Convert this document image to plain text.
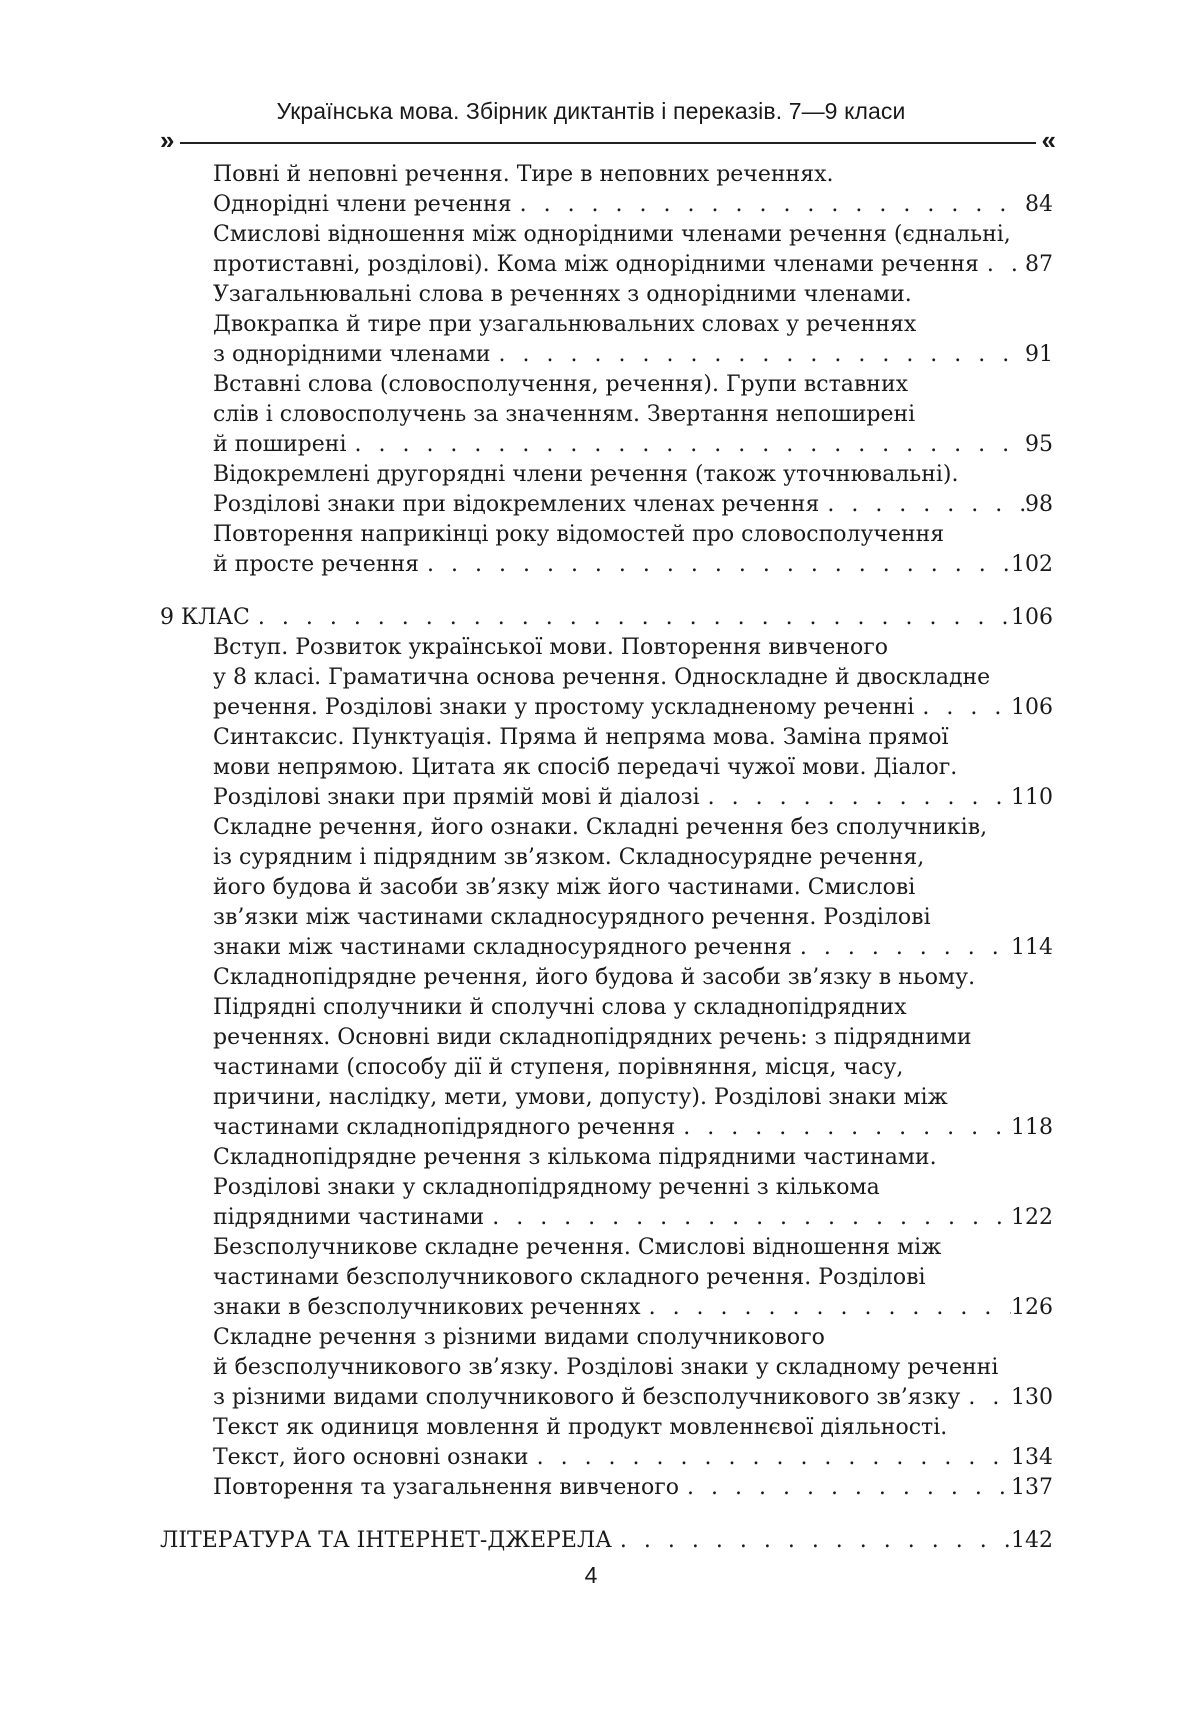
Українська мова. Збірник диктантів і переказів. 7—9 класи
»	«
Повні й неповні речення. Тире в неповних реченнях.
Однорідні члени речення . . .	84
Смислові відношення між однорідними членами речення (єднальні,
протиставні, розділові). Кома між однорідними членами речення . . . 87
Узагальнювальні слова в реченнях з однорідними членами.
Двокрапка й тире при узагальнювальних словах у реченнях
з однорідними членами . . .	91
Вставні слова (словосполучення, речення). Групи вставних
слів і словосполучень за значенням. Звертання непоширені
й поширені . . .	95
Відокремлені другорядні члени речення (також уточнювальні).
Розділові знаки при відокремлених членах речення . . .	98
Повторення наприкінці року відомостей про словосполучення
й просте речення . . .	102
9 КЛАС . . .	106
Вступ. Розвиток української мови. Повторення вивченого
у 8 класі. Граматична основа речення. Односкладне й двоскладне
речення. Розділові знаки у простому ускладненому реченні . . .	106
Синтаксис. Пунктуація. Пряма й непряма мова. Заміна прямої
мови непрямою. Цитата як спосіб передачі чужої мови. Діалог.
Розділові знаки при прямій мові й діалозі . . .	110
Складне речення, його ознаки. Складні речення без сполучників,
із сурядним і підрядним зв’язком. Складносурядне речення,
його будова й засоби зв’язку між його частинами. Смислові
зв’язки між частинами складносурядного речення. Розділові
знаки між частинами складносурядного речення . . .	114
Складнопідрядне речення, його будова й засоби зв’язку в ньому.
Підрядні сполучники й сполучні слова у складнопідрядних
реченнях. Основні види складнопідрядних речень: з підрядними
частинами (способу дії й ступеня, порівняння, місця, часу,
причини, наслідку, мети, умови, допусту). Розділові знаки між
частинами складнопідрядного речення . . .	118
Складнопідрядне речення з кількома підрядними частинами.
Розділові знаки у складнопідрядному реченні з кількома
підрядними частинами . . .	122
Безсполучникове складне речення. Смислові відношення між
частинами безсполучникового складного речення. Розділові
знаки в безсполучникових реченнях . . .	126
Складне речення з різними видами сполучникового
й безсполучникового зв’язку. Розділові знаки у складному реченні
з різними видами сполучникового й безсполучникового зв’язку . . . 130
Текст як одиниця мовлення й продукт мовленнєвої діяльності.
Текст, його основні ознаки . . .	134
Повторення та узагальнення вивченого . . .	137
ЛІТЕРАТУРА ТА ІНТЕРНЕТ-ДЖЕРЕЛА . . .	142
4
